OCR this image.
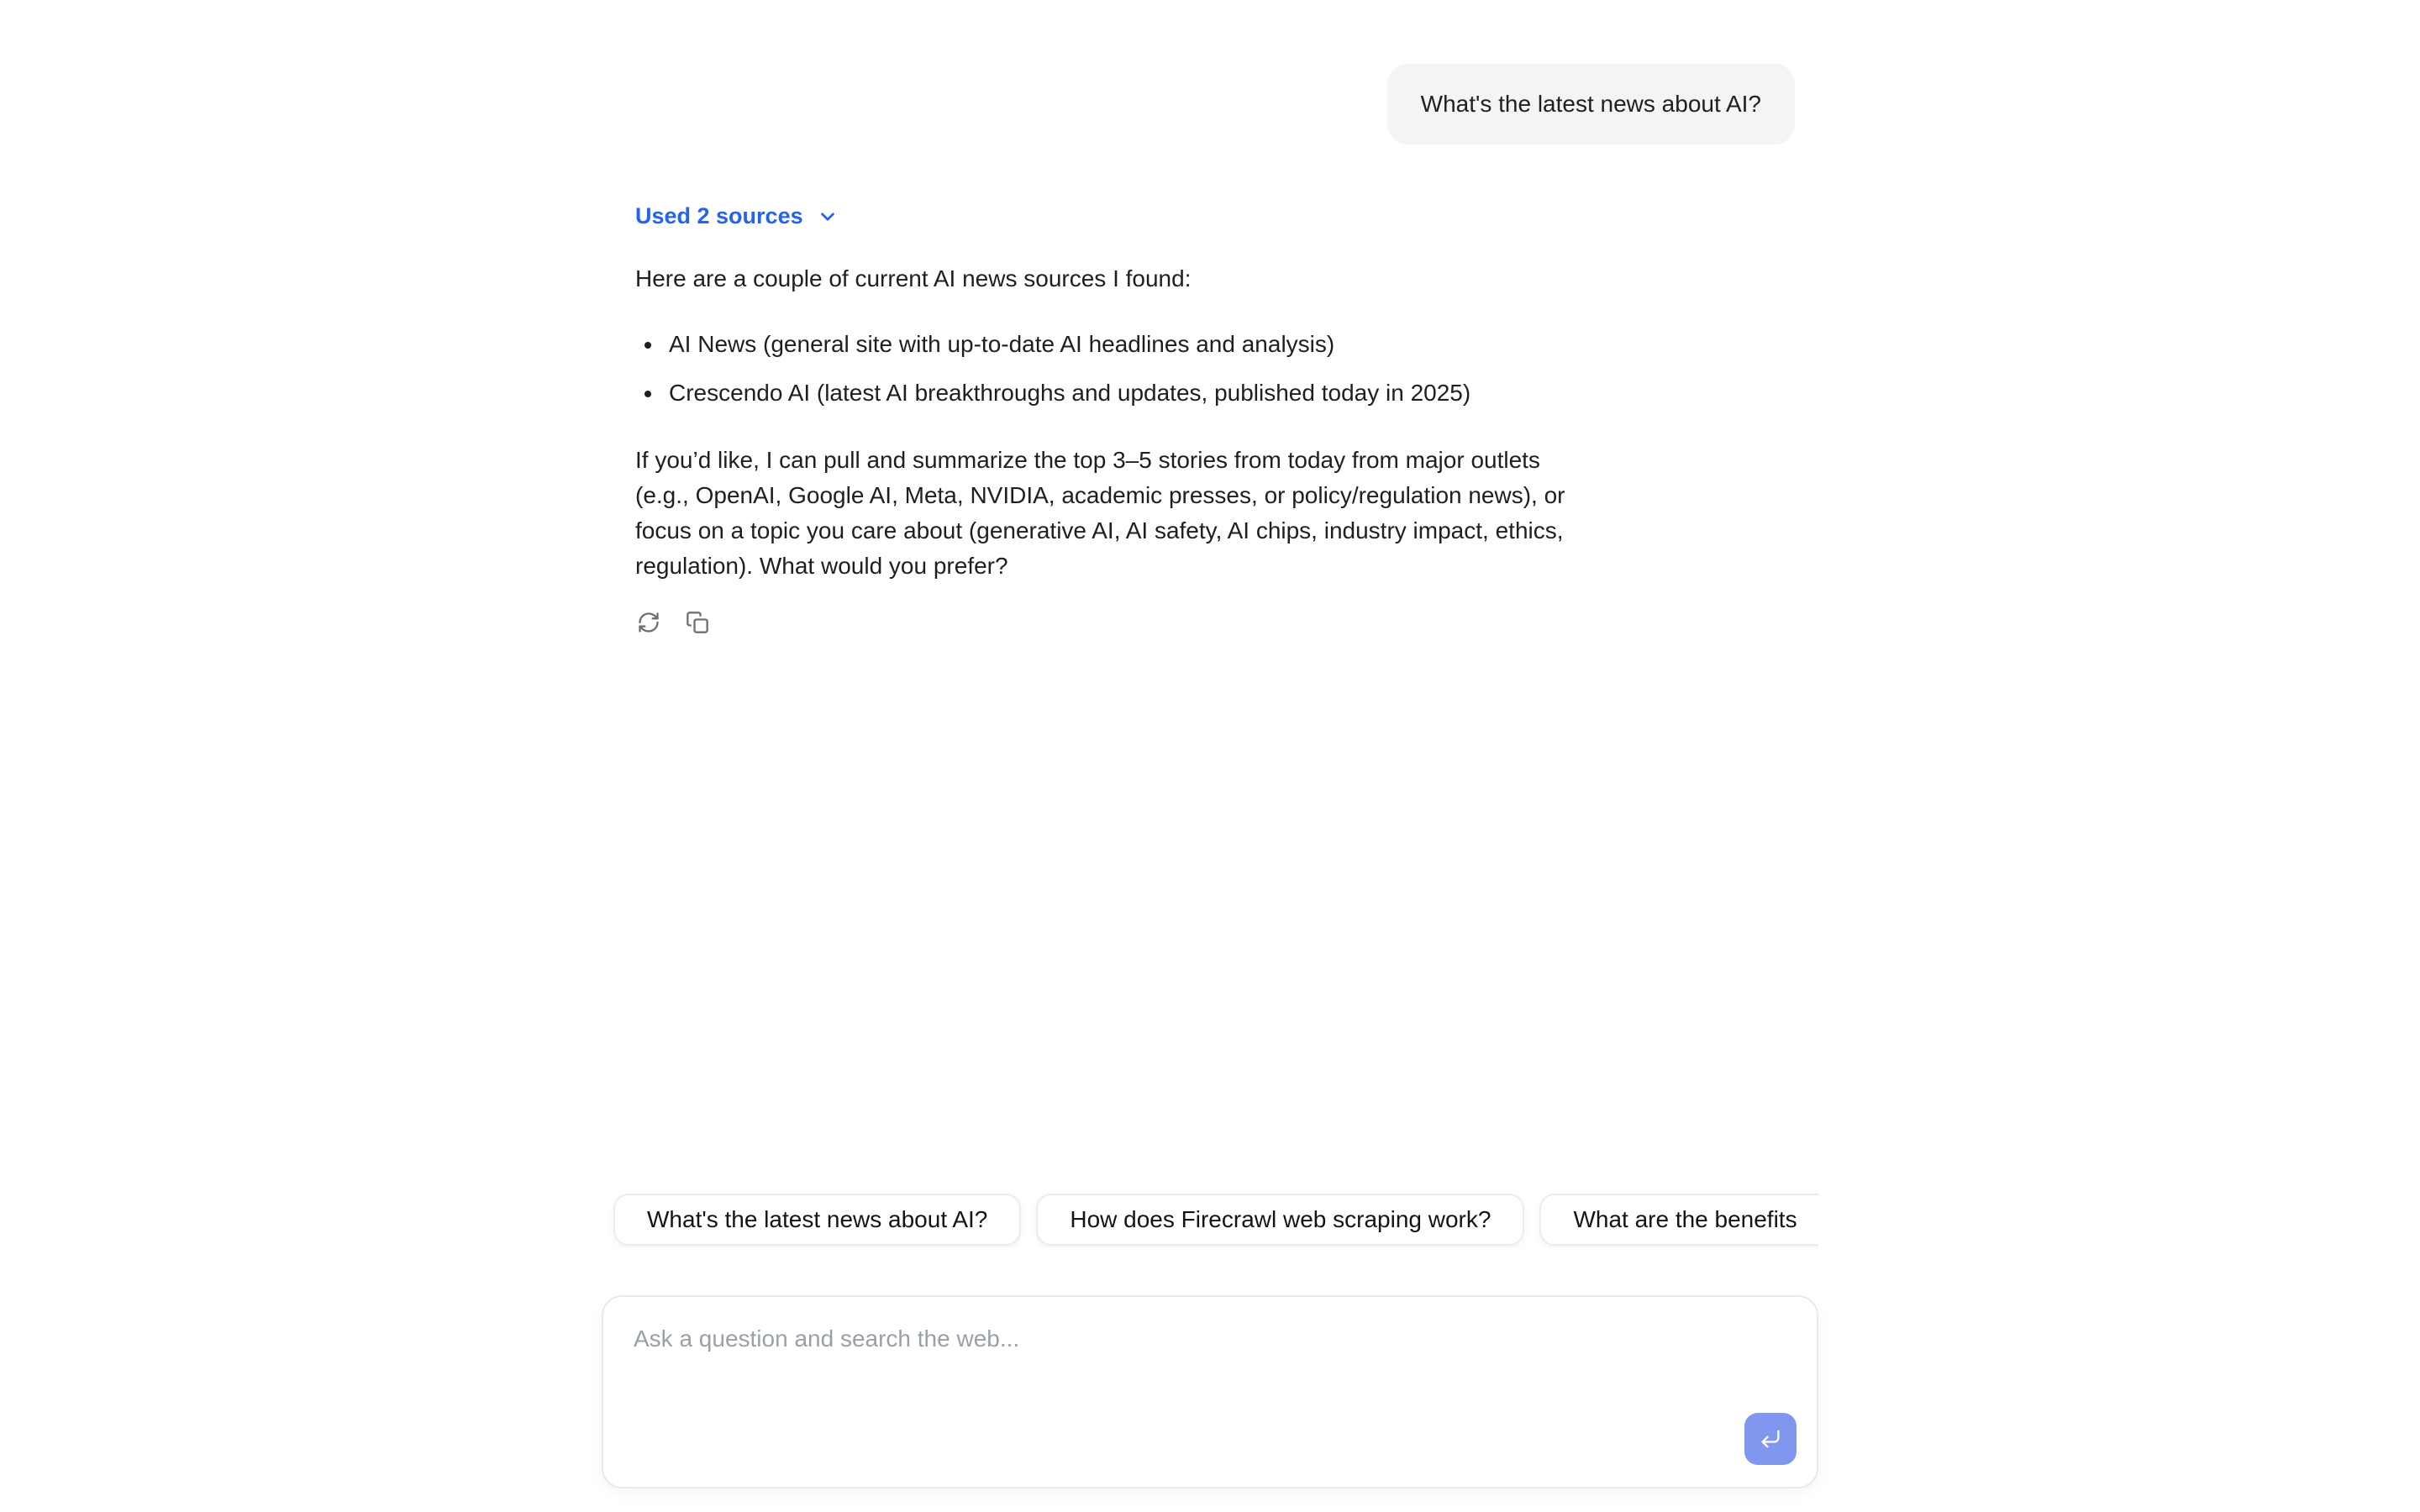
What's the latest news about AI?
Used 2 sources

Here are a couple of current AI news sources I found:

• AI News (general site with up-to-date AI headlines and analysis)
• Crescendo AI (latest AI breakthroughs and updates, published today in 2025)

If you’d like, I can pull and summarize the top 3–5 stories from today from major outlets (e.g., OpenAI, Google AI, Meta, NVIDIA, academic presses, or policy/regulation news), or focus on a topic you care about (generative AI, AI safety, AI chips, industry impact, ethics, regulation). What would you prefer?

What's the latest news about AI?	How does Firecrawl web scraping work?	What are the benefits
Ask a question and search the web...
